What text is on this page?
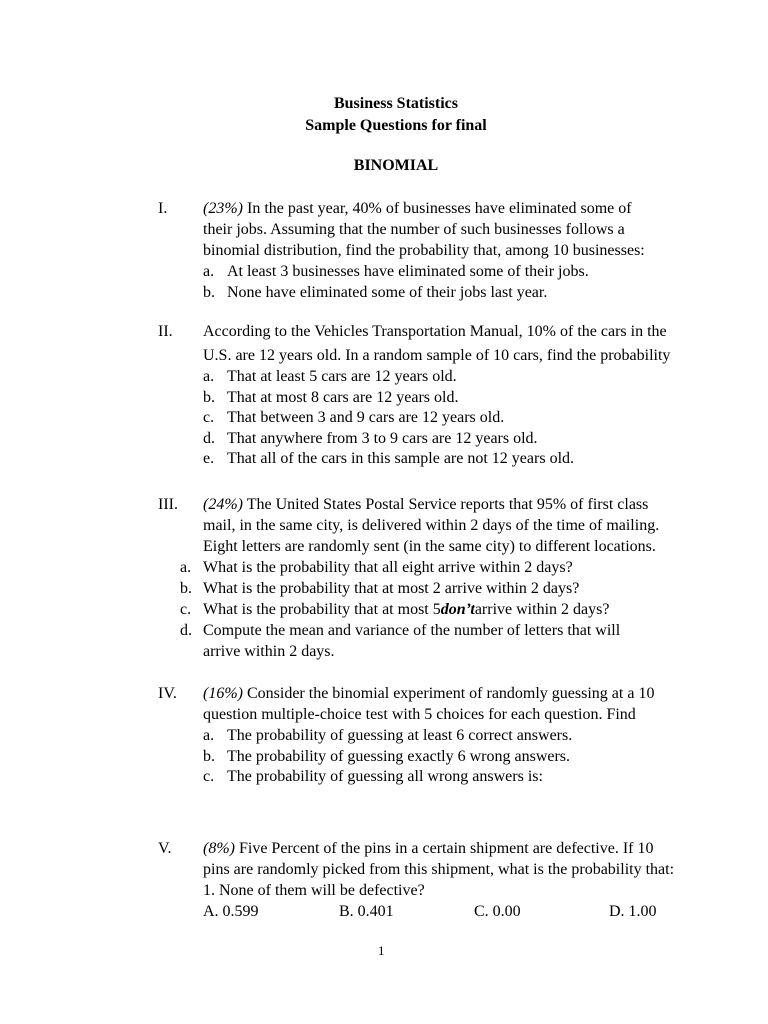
Business Statistics
Sample Questions for final
BINOMIAL
I. (23%) In the past year, 40% of businesses have eliminated some of
their jobs. Assuming that the number of such businesses follows a
binomial distribution, find the probability that, among 10 businesses:
a. At least 3 businesses have eliminated some of their jobs.
b. None have eliminated some of their jobs last year.
II. According to the Vehicles Transportation Manual, 10% of the cars in the
U.S. are 12 years old. In a random sample of 10 cars, find the probability
a. That at least 5 cars are 12 years old.
b. That at most 8 cars are 12 years old.
c. That between 3 and 9 cars are 12 years old.
d. That anywhere from 3 to 9 cars are 12 years old.
e. That all of the cars in this sample are not 12 years old.
III. (24%) The United States Postal Service reports that 95% of first class
mail, in the same city, is delivered within 2 days of the time of mailing.
Eight letters are randomly sent (in the same city) to different locations.
a. What is the probability that all eight arrive within 2 days?
b. What is the probability that at most 2 arrive within 2 days?
c. What is the probability that at most 5 don’t arrive within 2 days?
d. Compute the mean and variance of the number of letters that will
arrive within 2 days.
IV. (16%) Consider the binomial experiment of randomly guessing at a 10
question multiple-choice test with 5 choices for each question. Find
a. The probability of guessing at least 6 correct answers.
b. The probability of guessing exactly 6 wrong answers.
c. The probability of guessing all wrong answers is:
V. (8%) Five Percent of the pins in a certain shipment are defective. If 10
pins are randomly picked from this shipment, what is the probability that:
1. None of them will be defective?
A. 0.599	B. 0.401	C. 0.00	D. 1.00
1
